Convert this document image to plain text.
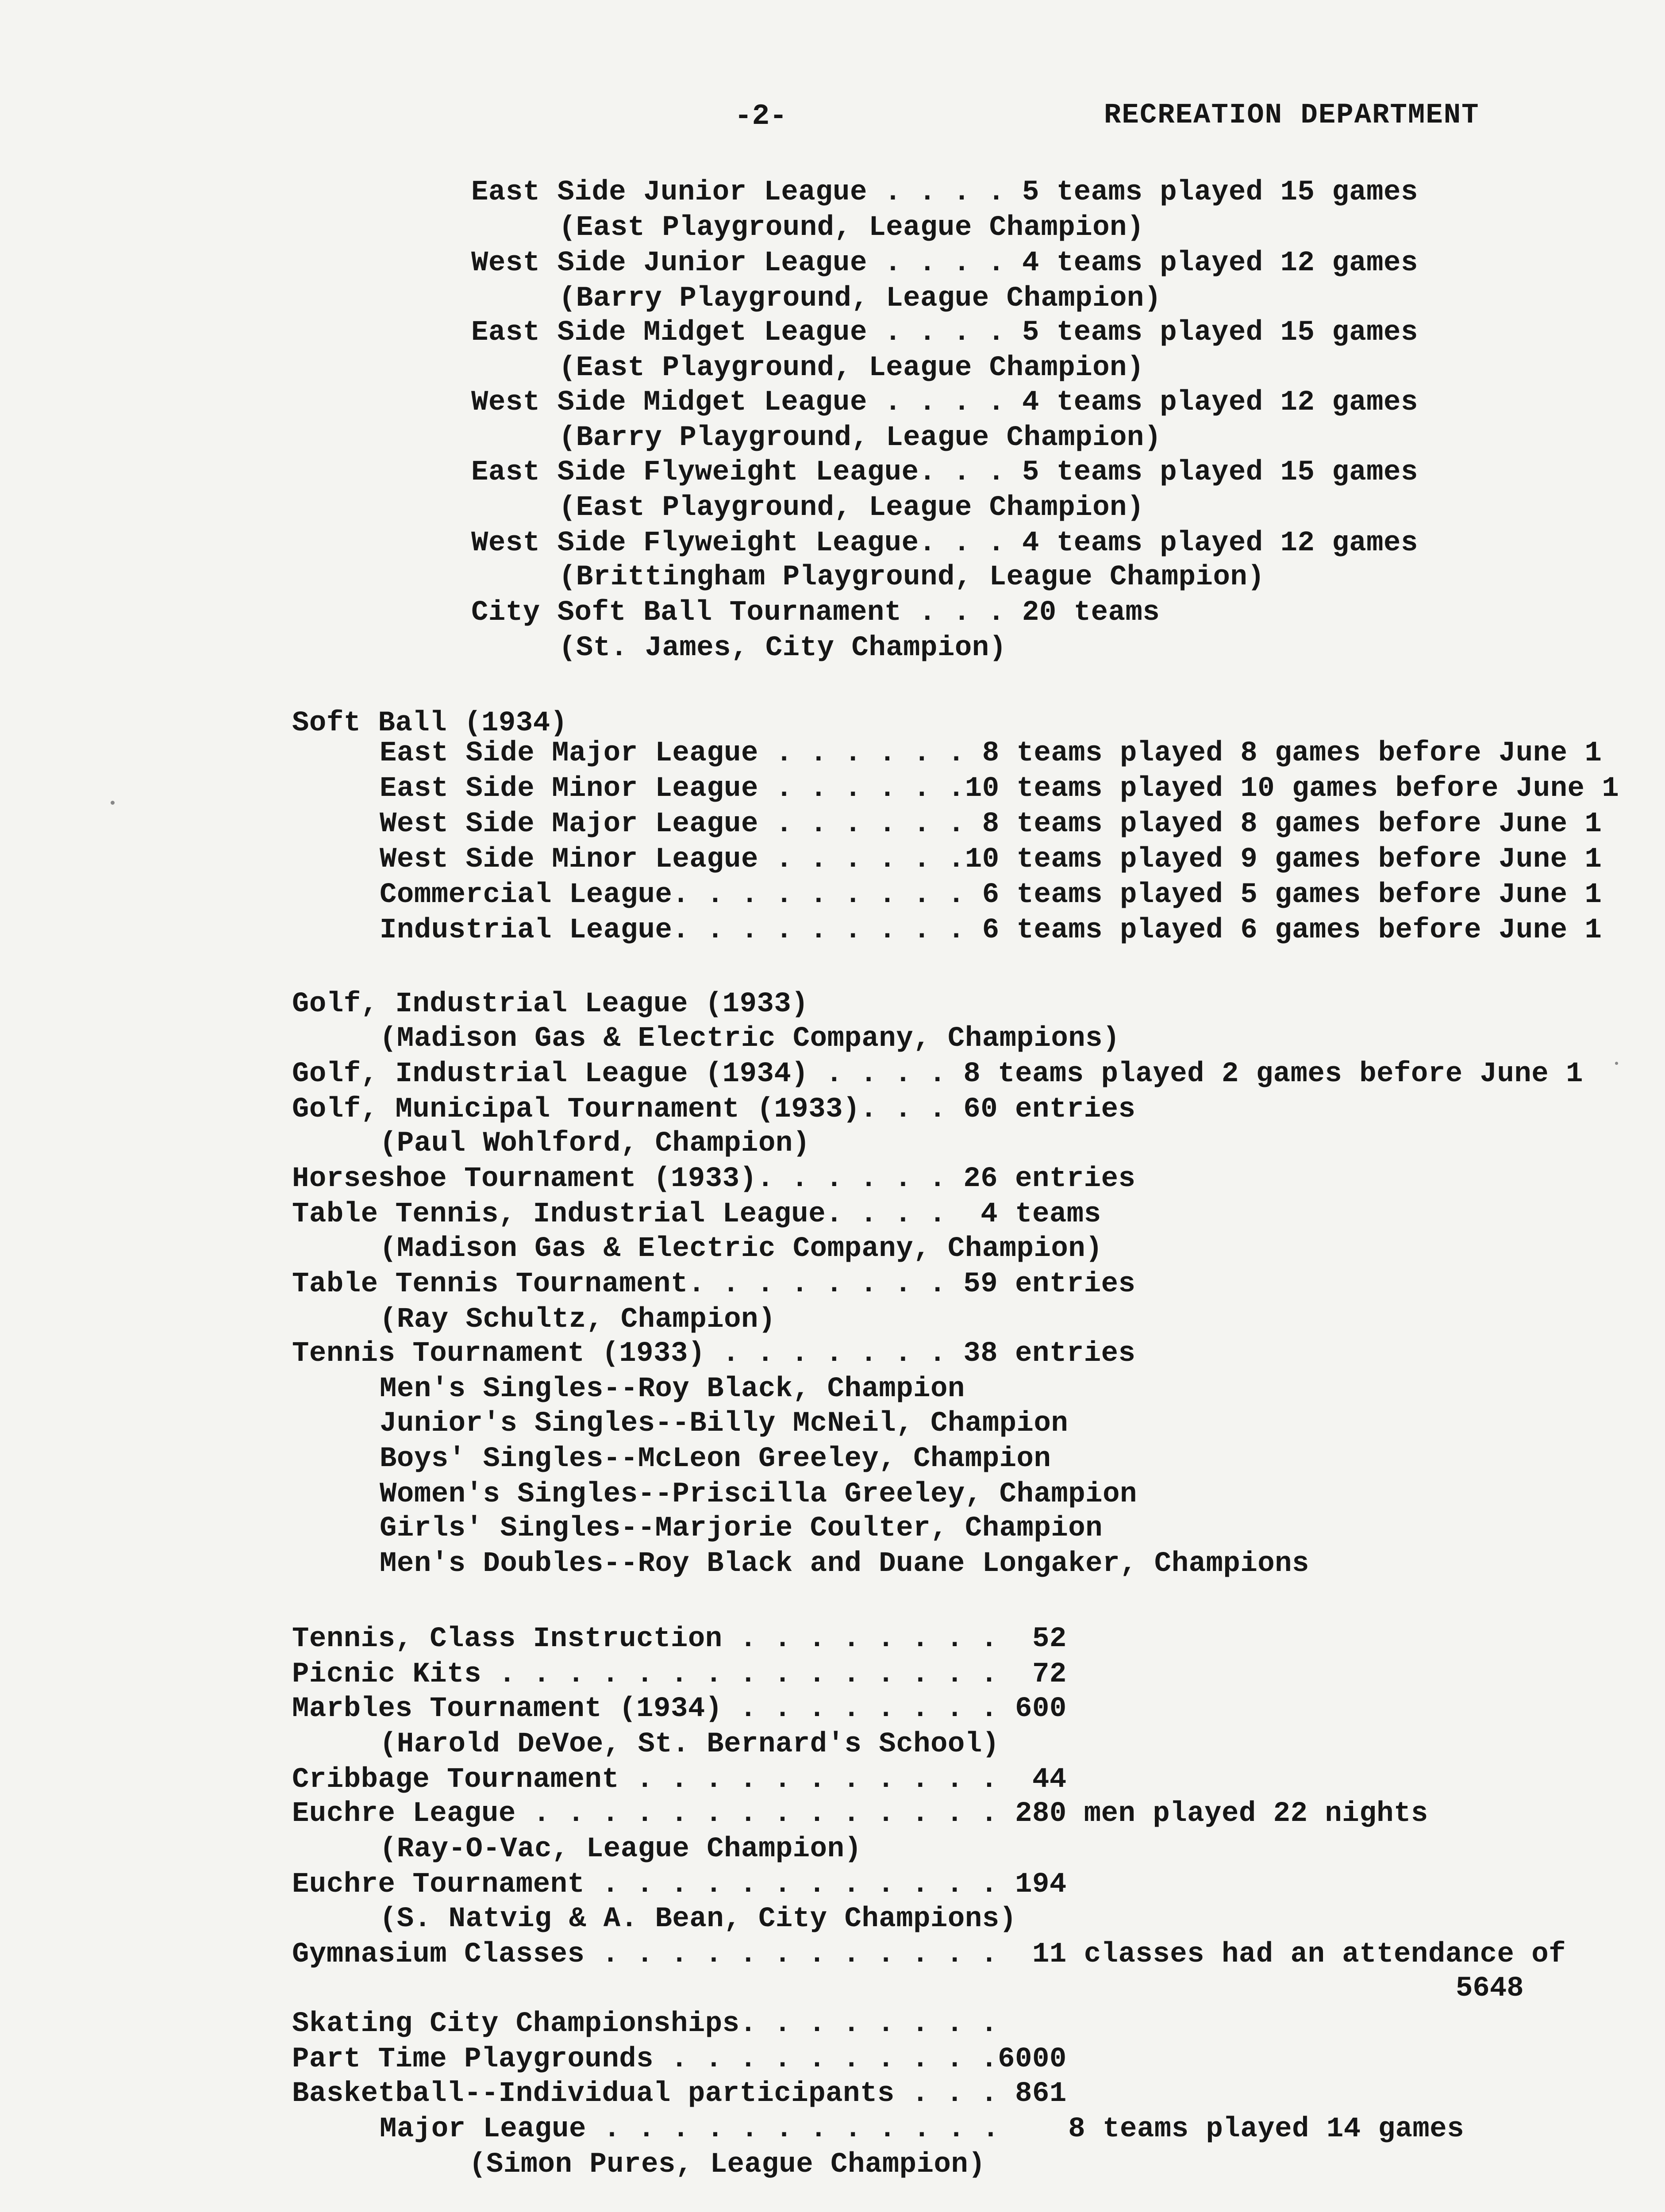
-2-	RECREATION DEPARTMENT
East Side Junior League . . . . 5 teams played 15 games
(East Playground, League Champion)
West Side Junior League . . . . 4 teams played 12 games
(Barry Playground, League Champion)
East Side Midget League . . . . 5 teams played 15 games
(East Playground, League Champion)
West Side Midget League . . . . 4 teams played 12 games
(Barry Playground, League Champion)
East Side Flyweight League. . . 5 teams played 15 games
(East Playground, League Champion)
West Side Flyweight League. . . 4 teams played 12 games
(Brittingham Playground, League Champion)
City Soft Ball Tournament . . . 20 teams
(St. James, City Champion)
Soft Ball (1934)
East Side Major League . . . . . . 8 teams played 8 games before June 1
East Side Minor League . . . . . .10 teams played 10 games before June 1
West Side Major League . . . . . . 8 teams played 8 games before June 1
West Side Minor League . . . . . .10 teams played 9 games before June 1
Commercial League. . . . . . . . . 6 teams played 5 games before June 1
Industrial League. . . . . . . . . 6 teams played 6 games before June 1
Golf, Industrial League (1933)
(Madison Gas & Electric Company, Champions)
Golf, Industrial League (1934) . . . . 8 teams played 2 games before June 1
Golf, Municipal Tournament (1933). . . 60 entries
(Paul Wohlford, Champion)
Horseshoe Tournament (1933). . . . . . 26 entries
Table Tennis, Industrial League. . . .  4 teams
(Madison Gas & Electric Company, Champion)
Table Tennis Tournament. . . . . . . . 59 entries
(Ray Schultz, Champion)
Tennis Tournament (1933) . . . . . . . 38 entries
Men's Singles--Roy Black, Champion
Junior's Singles--Billy McNeil, Champion
Boys' Singles--McLeon Greeley, Champion
Women's Singles--Priscilla Greeley, Champion
Girls' Singles--Marjorie Coulter, Champion
Men's Doubles--Roy Black and Duane Longaker, Champions
Tennis, Class Instruction . . . . . . . .  52
Picnic Kits . . . . . . . . . . . . . . .  72
Marbles Tournament (1934) . . . . . . . . 600
(Harold DeVoe, St. Bernard's School)
Cribbage Tournament . . . . . . . . . . .  44
Euchre League . . . . . . . . . . . . . . 280 men played 22 nights
(Ray-O-Vac, League Champion)
Euchre Tournament . . . . . . . . . . . . 194
(S. Natvig & A. Bean, City Champions)
Gymnasium Classes . . . . . . . . . . . .  11 classes had an attendance of
5648
Skating City Championships. . . . . . . .
Part Time Playgrounds . . . . . . . . . .6000
Basketball--Individual participants . . . 861
Major League . . . . . . . . . . . .    8 teams played 14 games
(Simon Pures, League Champion)
